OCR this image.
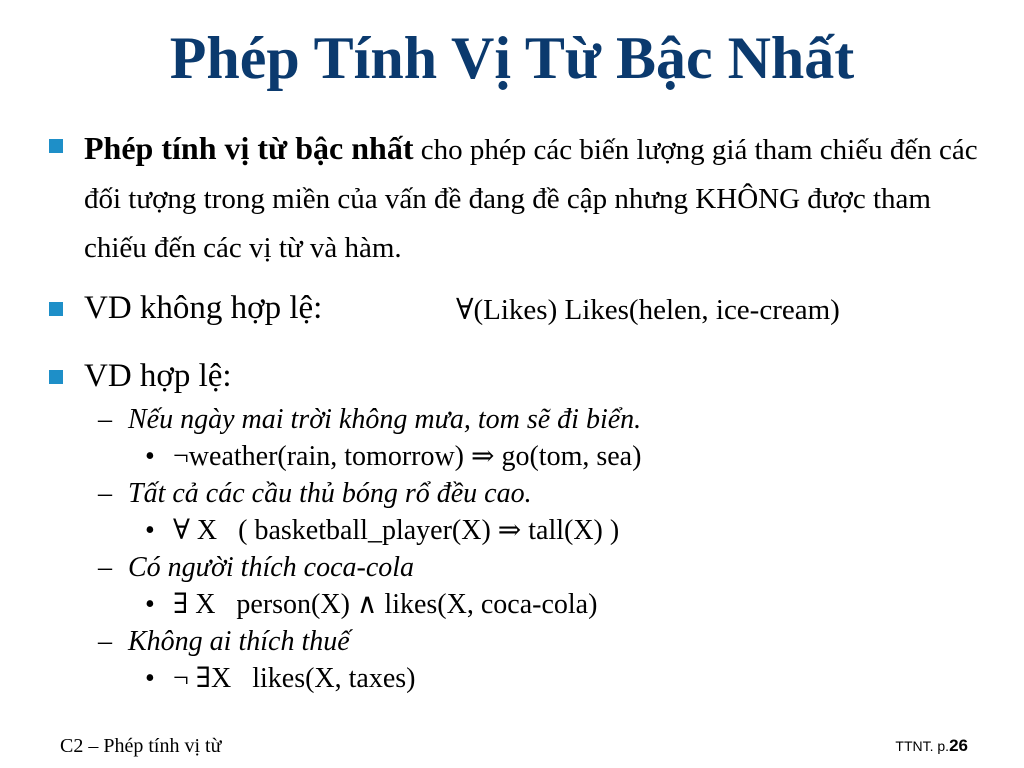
Phép Tính Vị Từ Bậc Nhất

Phép tính vị từ bậc nhất cho phép các biến lượng giá tham chiếu đến các đối tượng trong miền của vấn đề đang đề cập nhưng KHÔNG được tham chiếu đến các vị từ và hàm.

VD không hợp lệ:	∀(Likes) Likes(helen, ice-cream)
VD hợp lệ:
– Nếu ngày mai trời không mưa, tom sẽ đi biển.
• ¬weather(rain, tomorrow) ⇒ go(tom, sea)
– Tất cả các cầu thủ bóng rổ đều cao.
• ∀ X   ( basketball_player(X) ⇒ tall(X) )
– Có người thích coca-cola
• ∃ X   person(X) ∧ likes(X, coca-cola)
– Không ai thích thuế
• ¬ ∃X   likes(X, taxes)
C2 – Phép tính vị từ	TTNT. p.26
